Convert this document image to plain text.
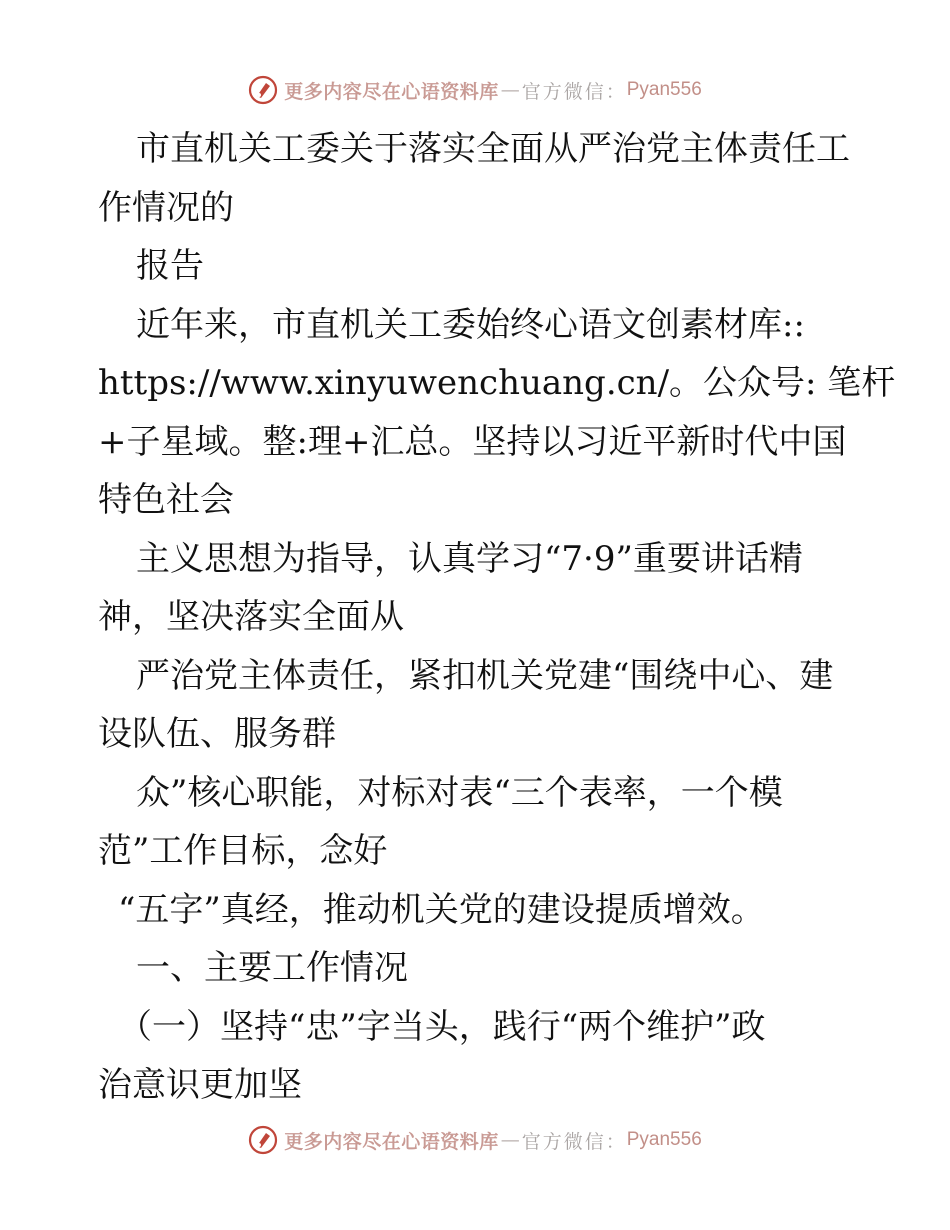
更多内容尽在心语资料库 — 官方微信： Pyan556
市直机关工委关于落实全面从严治党主体责任工
作情况的
报告
近年来，市直机关工委始终心语文创素材库::
https://www.xinyuwenchuang.cn/。公众号: 笔杆
+子星域。整:理+汇总。坚持以习近平新时代中国
特色社会
主义思想为指导，认真学习“7·9”重要讲话精
神，坚决落实全面从
严治党主体责任，紧扣机关党建“围绕中心、建
设队伍、服务群
众”核心职能，对标对表“三个表率，一个模
范”工作目标，念好
“五字”真经，推动机关党的建设提质增效。
一、主要工作情况
（一）坚持“忠”字当头，践行“两个维护”政
治意识更加坚
更多内容尽在心语资料库 — 官方微信： Pyan556
